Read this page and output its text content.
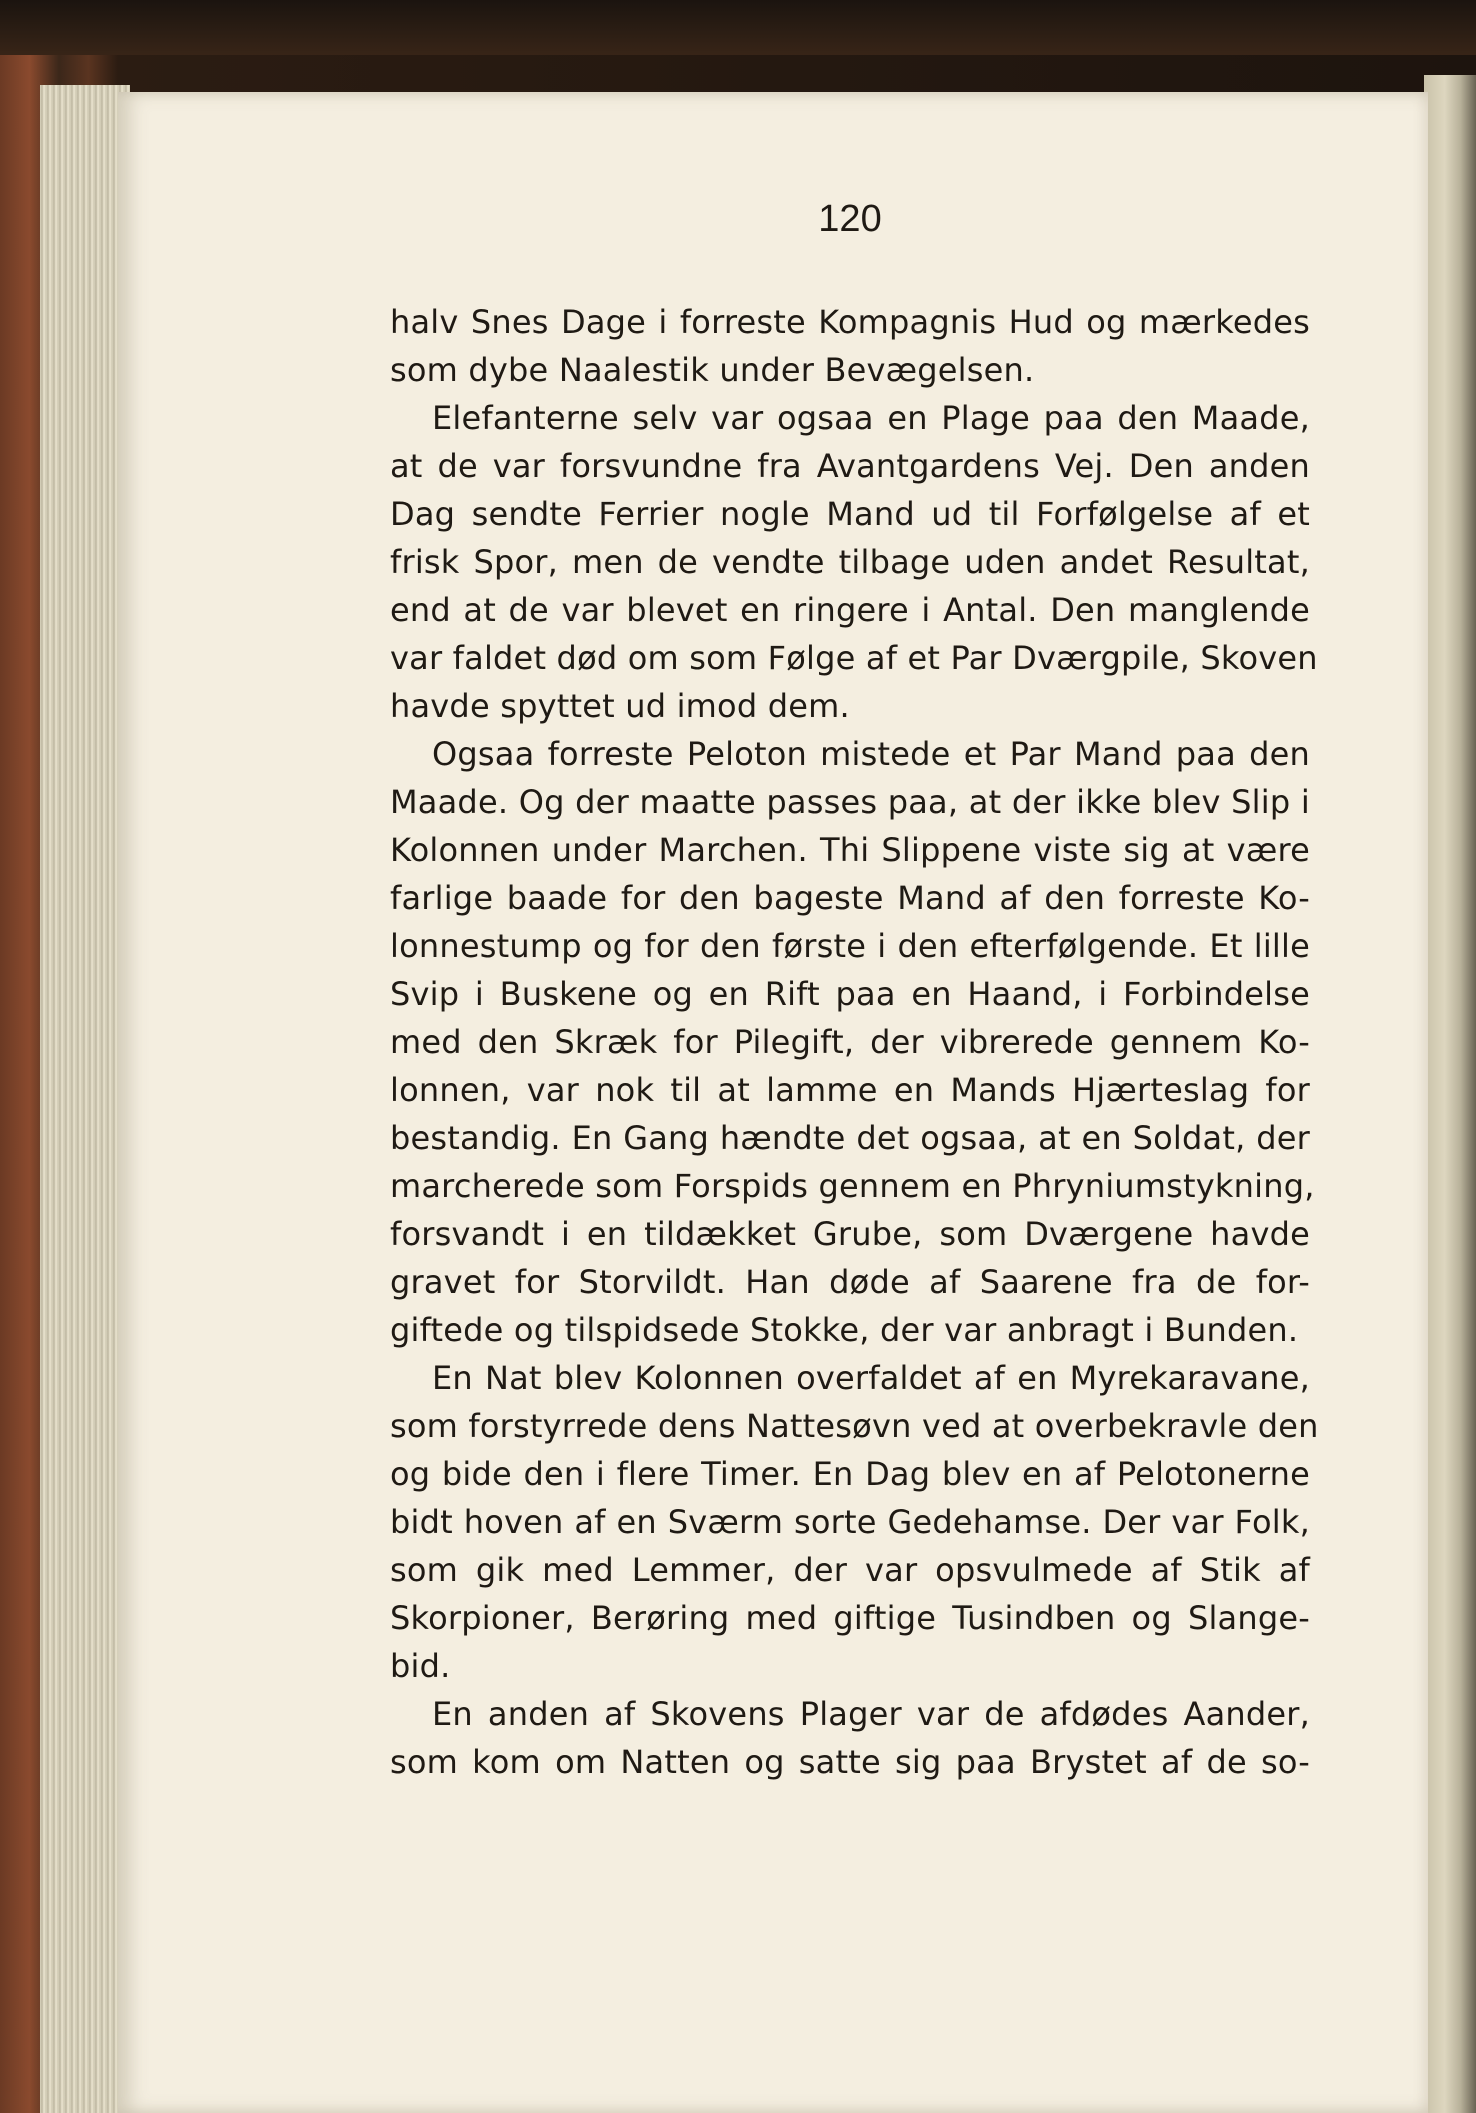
120
halv Snes Dage i forreste Kompagnis Hud og mærkedes
som dybe Naalestik under Bevægelsen.
Elefanterne selv var ogsaa en Plage paa den Maade,
at de var forsvundne fra Avantgardens Vej. Den anden
Dag sendte Ferrier nogle Mand ud til Forfølgelse af et
frisk Spor, men de vendte tilbage uden andet Resultat,
end at de var blevet en ringere i Antal. Den manglende
var faldet død om som Følge af et Par Dværgpile, Skoven
havde spyttet ud imod dem.
Ogsaa forreste Peloton mistede et Par Mand paa den
Maade. Og der maatte passes paa, at der ikke blev Slip i
Kolonnen under Marchen. Thi Slippene viste sig at være
farlige baade for den bageste Mand af den forreste Ko-
lonnestump og for den første i den efterfølgende. Et lille
Svip i Buskene og en Rift paa en Haand, i Forbindelse
med den Skræk for Pilegift, der vibrerede gennem Ko-
lonnen, var nok til at lamme en Mands Hjærteslag for
bestandig. En Gang hændte det ogsaa, at en Soldat, der
marcherede som Forspids gennem en Phryniumstykning,
forsvandt i en tildækket Grube, som Dværgene havde
gravet for Storvildt. Han døde af Saarene fra de for-
giftede og tilspidsede Stokke, der var anbragt i Bunden.
En Nat blev Kolonnen overfaldet af en Myrekaravane,
som forstyrrede dens Nattesøvn ved at overbekravle den
og bide den i flere Timer. En Dag blev en af Pelotonerne
bidt hoven af en Sværm sorte Gedehamse. Der var Folk,
som gik med Lemmer, der var opsvulmede af Stik af
Skorpioner, Berøring med giftige Tusindben og Slange-
bid.
En anden af Skovens Plager var de afdødes Aander,
som kom om Natten og satte sig paa Brystet af de so-
